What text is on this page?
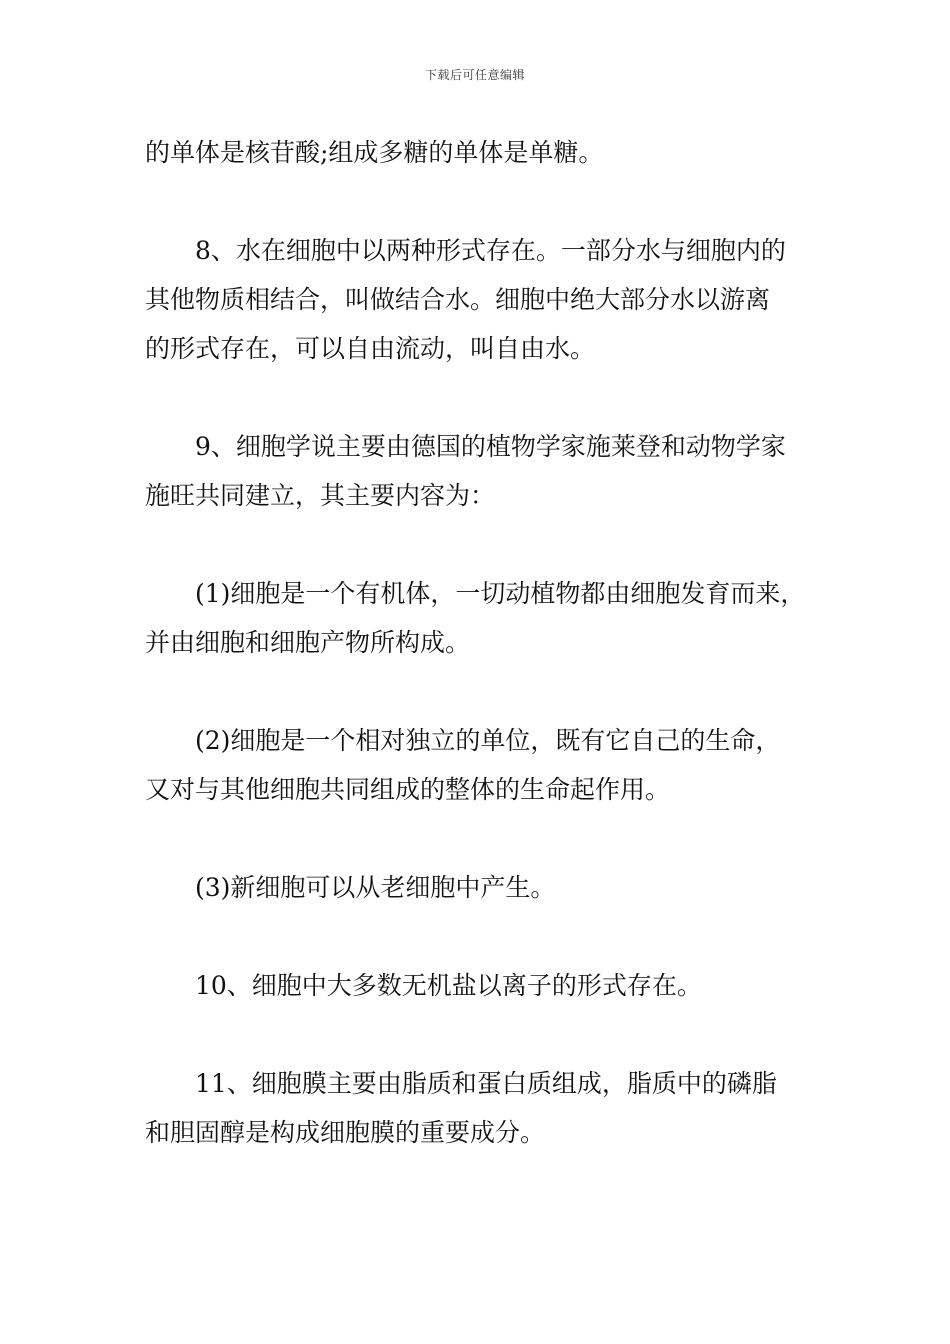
下载后可任意编辑

的单体是核苷酸;组成多糖的单体是单糖。

8、水在细胞中以两种形式存在。一部分水与细胞内的
其他物质相结合，叫做结合水。细胞中绝大部分水以游离
的形式存在，可以自由流动，叫自由水。

9、细胞学说主要由德国的植物学家施莱登和动物学家
施旺共同建立，其主要内容为：

(1)细胞是一个有机体，一切动植物都由细胞发育而来，
并由细胞和细胞产物所构成。

(2)细胞是一个相对独立的单位，既有它自己的生命，
又对与其他细胞共同组成的整体的生命起作用。

(3)新细胞可以从老细胞中产生。

10、细胞中大多数无机盐以离子的形式存在。

11、细胞膜主要由脂质和蛋白质组成，脂质中的磷脂
和胆固醇是构成细胞膜的重要成分。
